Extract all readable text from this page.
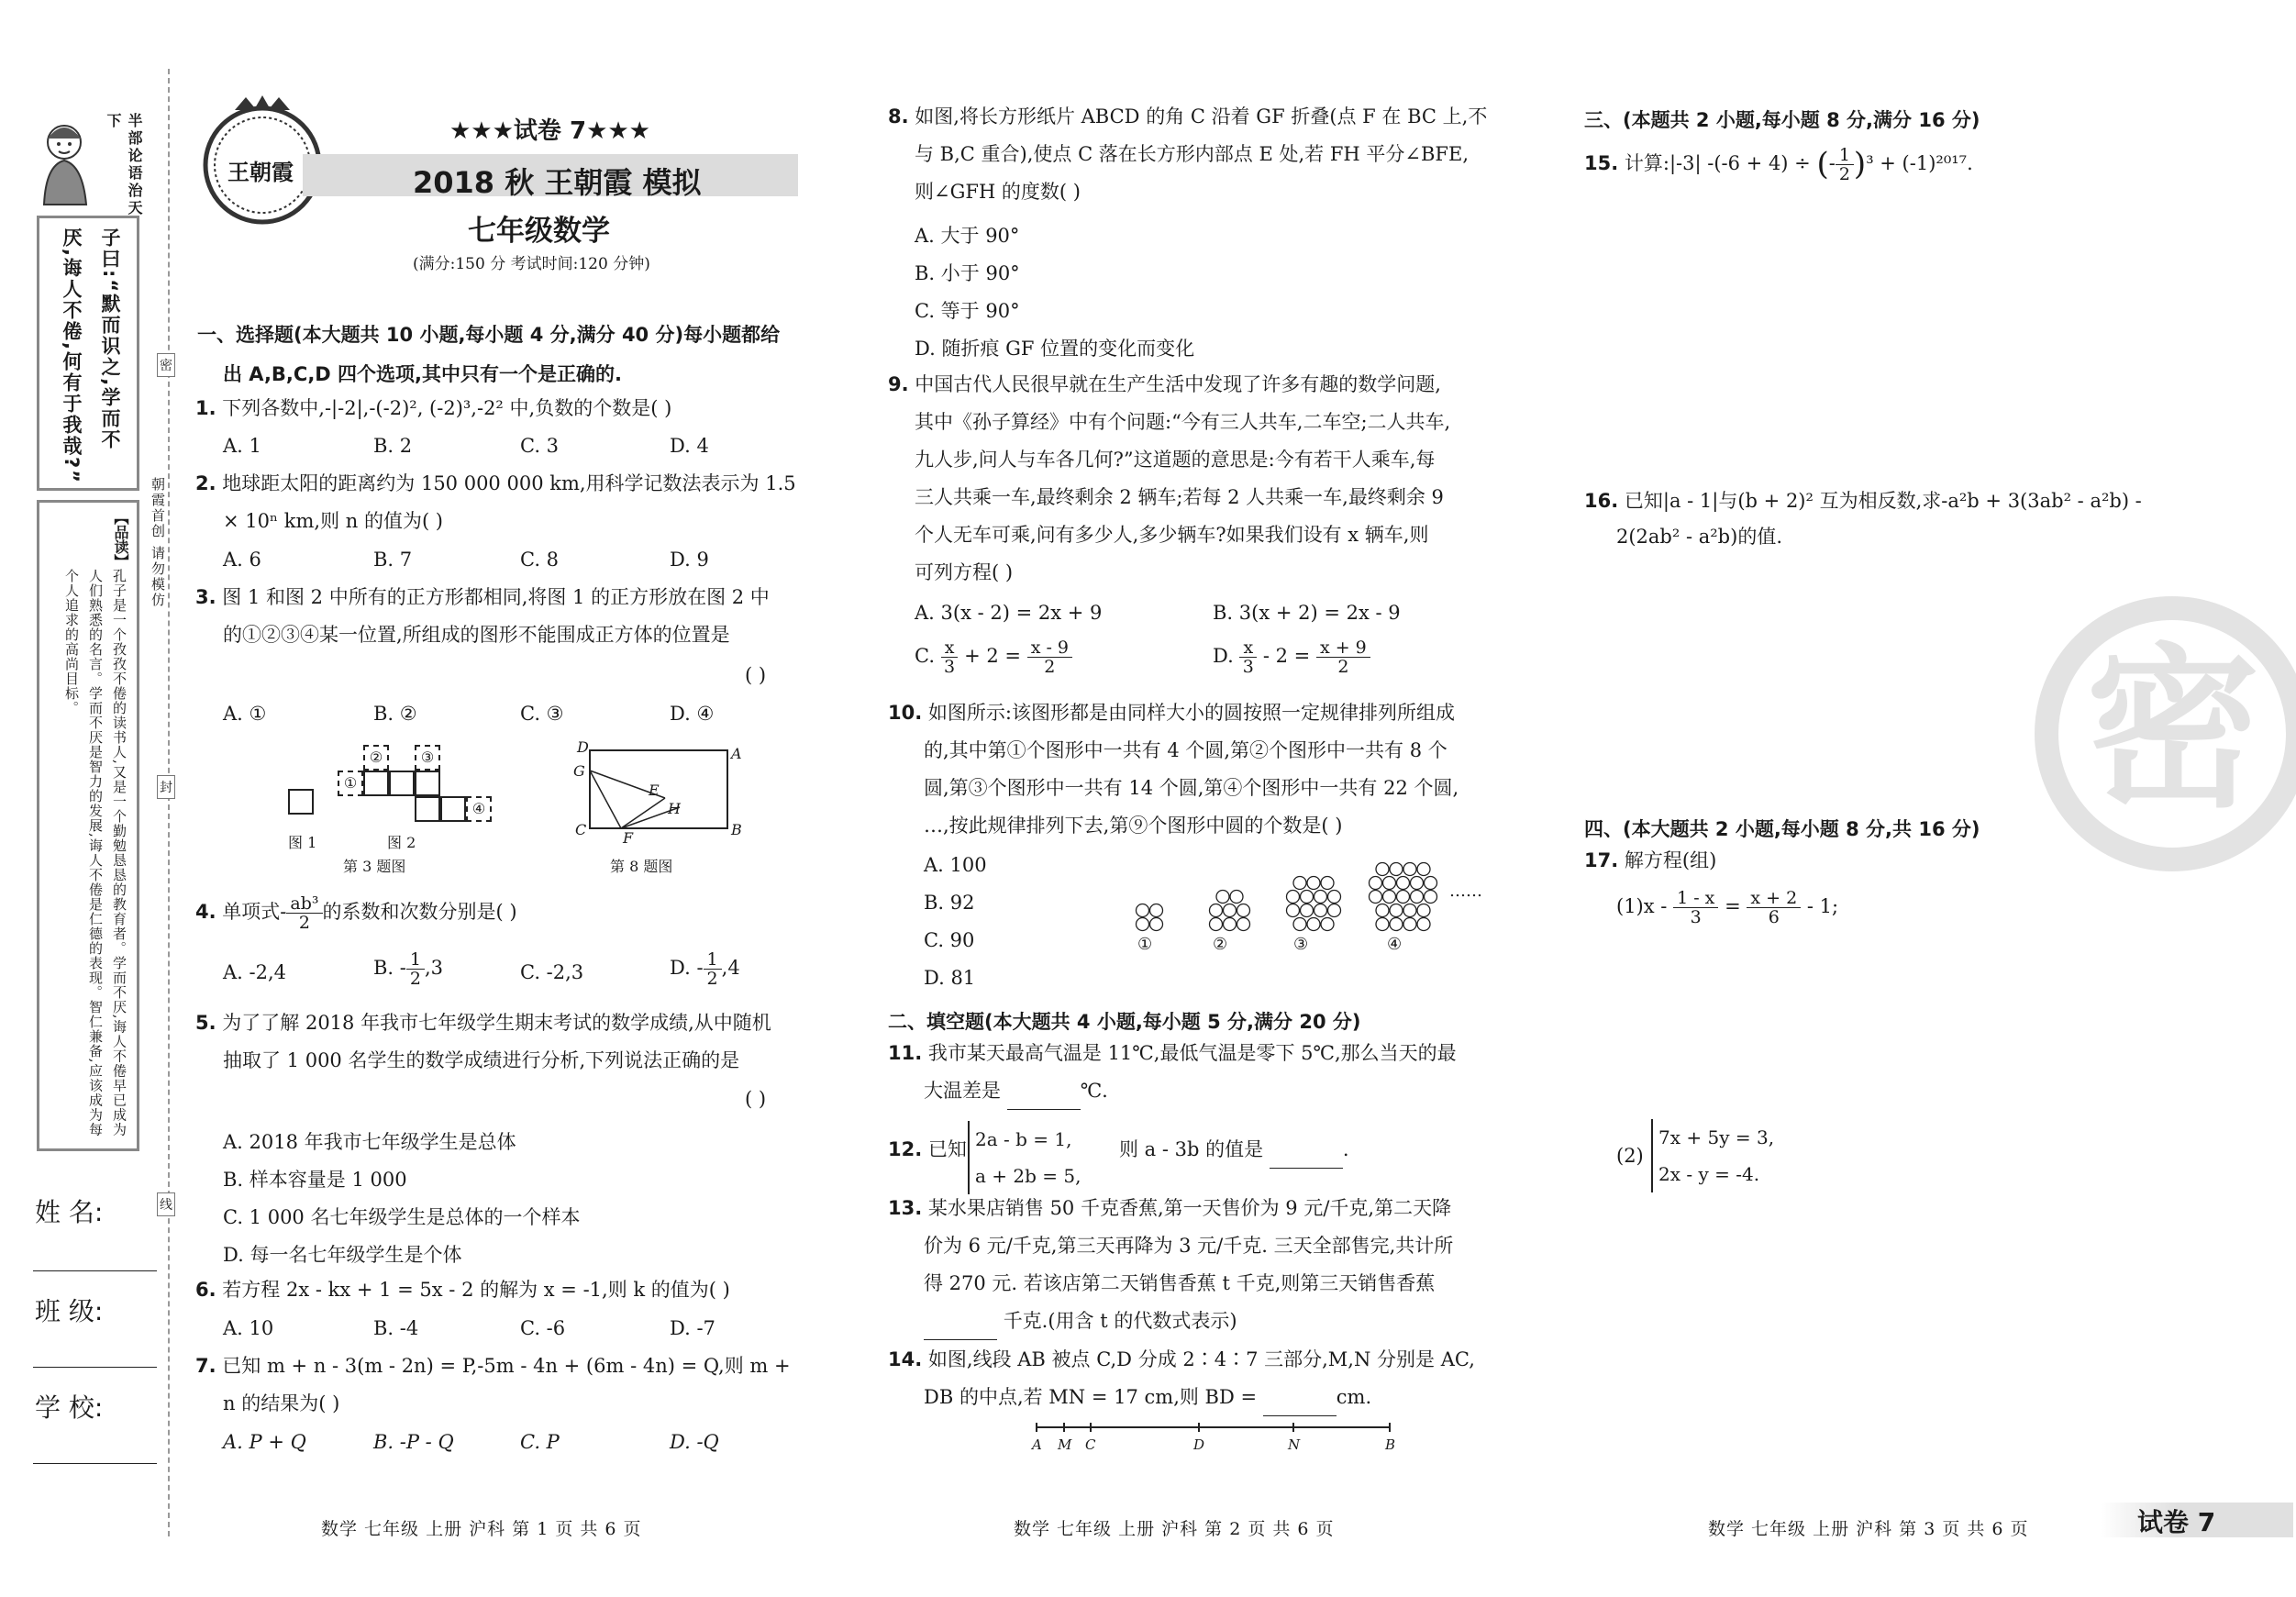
半部论语治天下
子曰:“默而识之,学而不
厌,诲人不倦,何有于我哉?”
【品读】
孔子是一个孜孜不倦的读书人,又是一个勤勉恳恳的教育者。学而不厌,诲人不倦早已成为人们熟悉的名言。学而不厌是智力的发展,诲人不倦是仁德的表现。智仁兼备,应该成为每个人追求的高尚目标。
朝霞首创 请勿模仿
密
封
线
姓 名:
班 级:
学 校:
王朝霞
★★★试卷 7★★★
2018 秋 王朝霞 模拟
七年级数学
(满分:150 分 考试时间:120 分钟)
一、选择题(本大题共 10 小题,每小题 4 分,满分 40 分)每小题都给
出 A,B,C,D 四个选项,其中只有一个是正确的.
1. 下列各数中,-|-2|,-(-2)², (-2)³,-2² 中,负数的个数是( )
A. 1	B. 2	C. 3	D. 4
2. 地球距太阳的距离约为 150 000 000 km,用科学记数法表示为 1.5
× 10ⁿ km,则 n 的值为( )
A. 6	B. 7	C. 8	D. 9
3. 图 1 和图 2 中所有的正方形都相同,将图 1 的正方形放在图 2 中
的①②③④某一位置,所组成的图形不能围成正方体的位置是
( )
A. ①	B. ②	C. ③	D. ④
①
②	③
④
图 1	图 2
第 3 题图
D	A
G
E
H
C F	B
第 8 题图
4. 单项式- $\frac{\text{ab³}}{2}$ 的系数和次数分别是( )
A. -2,4	B. - $\frac{1}{2} ,3$	C. -2,3	D. - $\frac{1}{2} ,4$
5. 为了了解 2018 年我市七年级学生期末考试的数学成绩,从中随机
抽取了 1 000 名学生的数学成绩进行分析,下列说法正确的是
( )
A. 2018 年我市七年级学生是总体
B. 样本容量是 1 000
C. 1 000 名七年级学生是总体的一个样本
D. 每一名七年级学生是个体
6. 若方程 2x - kx + 1 = 5x - 2 的解为 x = -1,则 k 的值为( )
A. 10	B. -4	C. -6	D. -7
7. 已知 m + n - 3(m - 2n) = P,-5m - 4n + (6m - 4n) = Q,则 m +
n 的结果为( )
A. P + Q	B. -P - Q	C. P	D. -Q
数学 七年级 上册 沪科 第 1 页 共 6 页
8. 如图,将长方形纸片 ABCD 的角 C 沿着 GF 折叠(点 F 在 BC 上,不
与 B,C 重合),使点 C 落在长方形内部点 E 处,若 FH 平分∠BFE,
则∠GFH 的度数( )
A. 大于 90°
B. 小于 90°
C. 等于 90°
D. 随折痕 GF 位置的变化而变化
9. 中国古代人民很早就在生产生活中发现了许多有趣的数学问题,
其中《孙子算经》中有个问题:“今有三人共车,二车空;二人共车,
九人步,问人与车各几何?”这道题的意思是:今有若干人乘车,每
三人共乘一车,最终剩余 2 辆车;若每 2 人共乘一车,最终剩余 9
个人无车可乘,问有多少人,多少辆车?如果我们设有 x 辆车,则
可列方程( )
A. 3(x - 2) = 2x + 9	B. 3(x + 2) = 2x - 9
C. $\frac{x}{3} + 2 = \frac{x - 9}{2}$	D. $\frac{x}{3} - 2 = \frac{x + 9}{2}$
10. 如图所示:该图形都是由同样大小的圆按照一定规律排列所组成
的,其中第①个图形中一共有 4 个圆,第②个图形中一共有 8 个
圆,第③个图形中一共有 14 个圆,第④个图形中一共有 22 个圆,
…,按此规律排列下去,第⑨个图形中圆的个数是( )
A. 100
B. 92
C. 90
D. 81
①	②	③	④
……
二、填空题(本大题共 4 小题,每小题 5 分,满分 20 分)
11. 我市某天最高气温是 11℃,最低气温是零下 5℃,那么当天的最
大温差是	℃.
12. 已知 2a - b = 1,
a + 2b = 5,
则 a - 3b 的值是	.
13. 某水果店销售 50 千克香蕉,第一天售价为 9 元/千克,第二天降
价为 6 元/千克,第三天再降为 3 元/千克. 三天全部售完,共计所
得 270 元. 若该店第二天销售香蕉 t 千克,则第三天销售香蕉
千克.(用含 t 的代数式表示)
14. 如图,线段 AB 被点 C,D 分成 2∶4∶7 三部分,M,N 分别是 AC,
DB 的中点,若 MN = 17 cm,则 BD =	cm.
A M C	D	N	B
数学 七年级 上册 沪科 第 2 页 共 6 页
三、(本题共 2 小题,每小题 8 分,满分 16 分)
15. 计算:|-3| -(-6 + 4) ÷ (- $\frac{1}{2} )^3 + (-1)^{2017}$.
16. 已知|a - 1|与(b + 2)² 互为相反数,求-a²b + 3(3ab² - a²b) -
2(2ab² - a²b)的值.
密
四、(本大题共 2 小题,每小题 8 分,共 16 分)
17. 解方程(组)
$(1)x - \frac{1 - x}{3} = \frac{x + 2}{6} - 1$;
(2)
7x + 5y = 3,
2x - y = -4.
数学 七年级 上册 沪科 第 3 页 共 6 页	试卷 7
